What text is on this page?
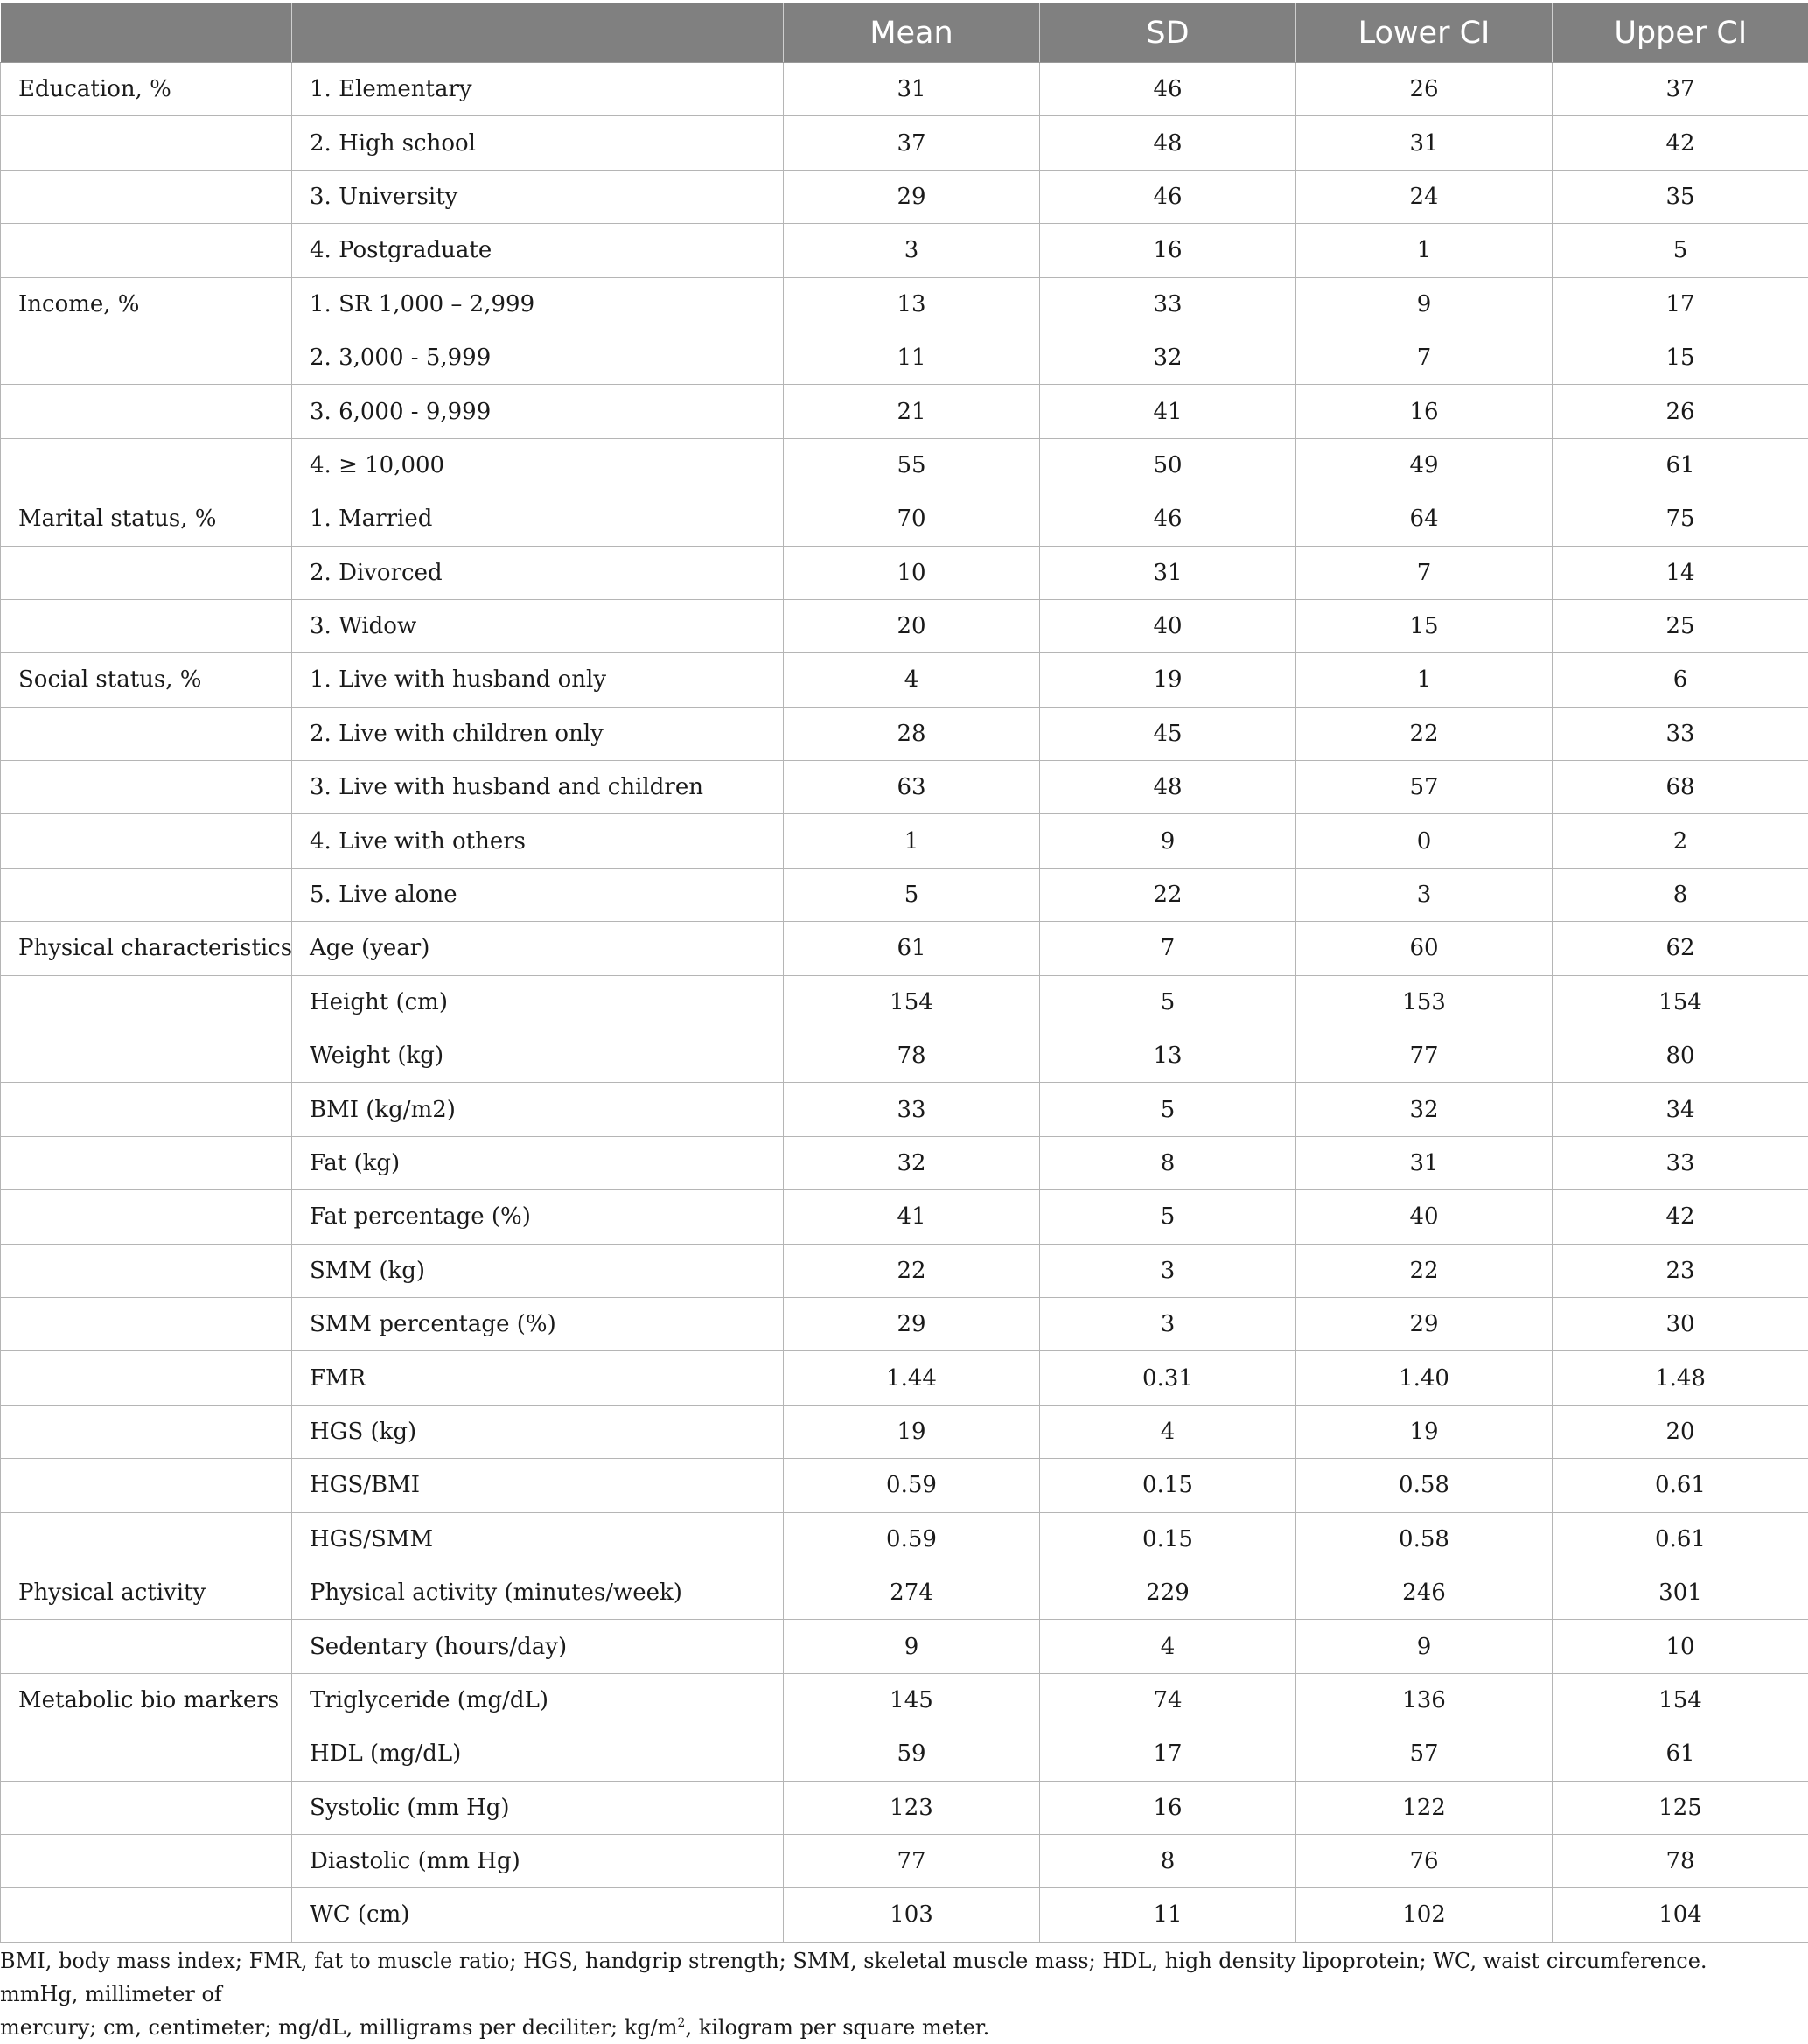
		Mean	SD	Lower CI	Upper CI
Education, %	1. Elementary	31	46	26	37
	2. High school	37	48	31	42
	3. University	29	46	24	35
	4. Postgraduate	3	16	1	5
Income, %	1. SR 1,000 – 2,999	13	33	9	17
	2. 3,000 - 5,999	11	32	7	15
	3. 6,000 - 9,999	21	41	16	26
	4. ≥ 10,000	55	50	49	61
Marital status, %	1. Married	70	46	64	75
	2. Divorced	10	31	7	14
	3. Widow	20	40	15	25
Social status, %	1. Live with husband only	4	19	1	6
	2. Live with children only	28	45	22	33
	3. Live with husband and children	63	48	57	68
	4. Live with others	1	9	0	2
	5. Live alone	5	22	3	8
Physical characteristics	Age (year)	61	7	60	62
	Height (cm)	154	5	153	154
	Weight (kg)	78	13	77	80
	BMI (kg/m2)	33	5	32	34
	Fat (kg)	32	8	31	33
	Fat percentage (%)	41	5	40	42
	SMM (kg)	22	3	22	23
	SMM percentage (%)	29	3	29	30
	FMR	1.44	0.31	1.40	1.48
	HGS (kg)	19	4	19	20
	HGS/BMI	0.59	0.15	0.58	0.61
	HGS/SMM	0.59	0.15	0.58	0.61
Physical activity	Physical activity (minutes/week)	274	229	246	301
	Sedentary (hours/day)	9	4	9	10
Metabolic bio markers	Triglyceride (mg/dL)	145	74	136	154
	HDL (mg/dL)	59	17	57	61
	Systolic (mm Hg)	123	16	122	125
	Diastolic (mm Hg)	77	8	76	78
	WC (cm)	103	11	102	104
BMI, body mass index; FMR, fat to muscle ratio; HGS, handgrip strength; SMM, skeletal muscle mass; HDL, high density lipoprotein; WC, waist circumference. mmHg, millimeter of
mercury; cm, centimeter; mg/dL, milligrams per deciliter; $kg/m^2$, kilogram per square meter.
